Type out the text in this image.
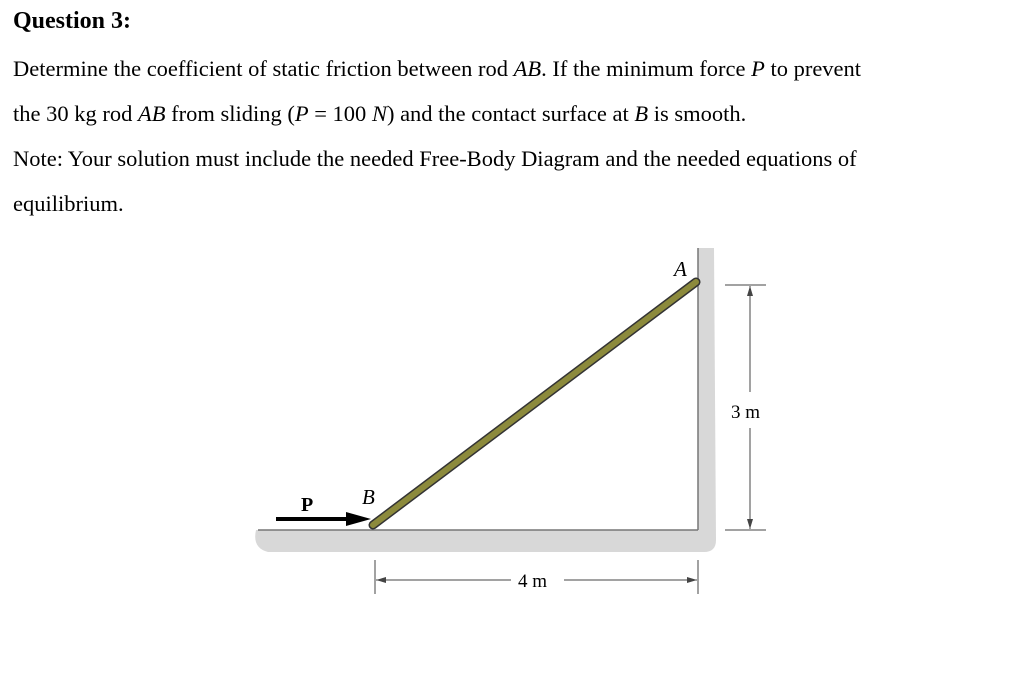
Question 3:
Determine the coefficient of static friction between rod AB. If the minimum force P to prevent
the 30 kg rod AB from sliding (P = 100 N) and the contact surface at B is smooth.
Note: Your solution must include the needed Free-Body Diagram and the needed equations of
equilibrium.
P B
A
3 m
4 m
